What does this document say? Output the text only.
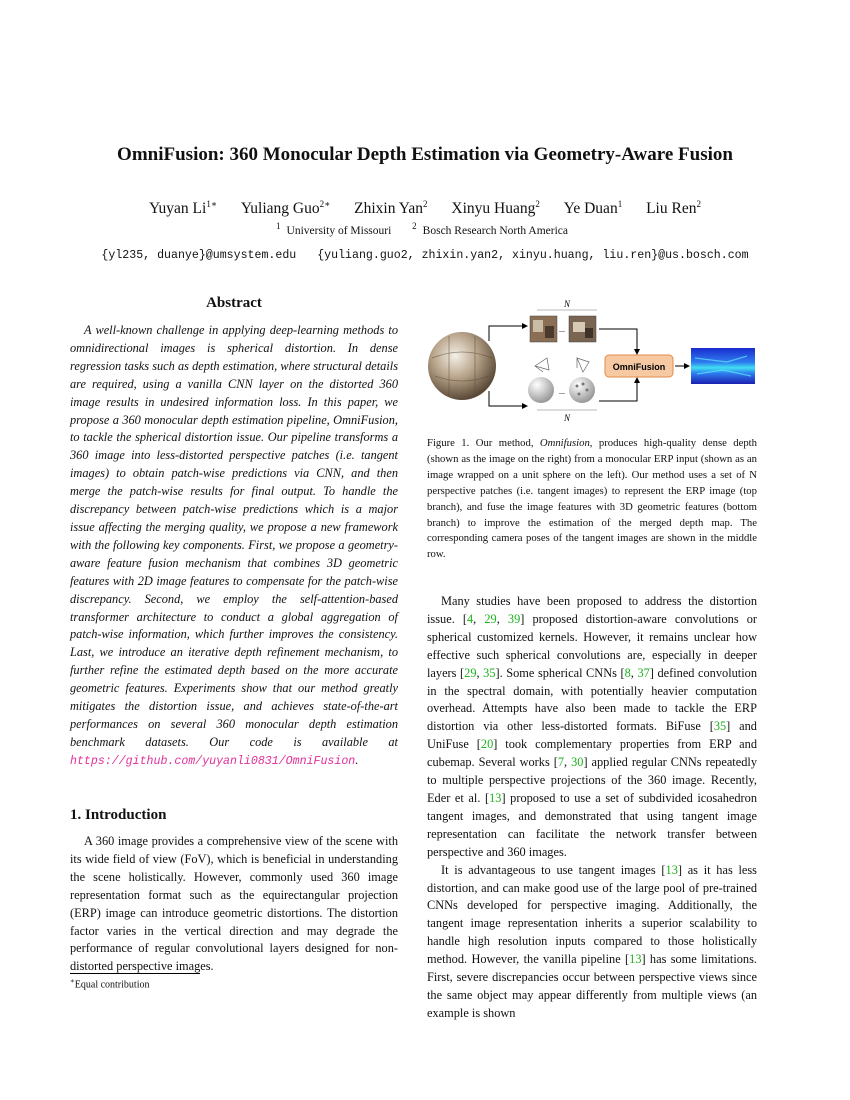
OmniFusion: 360 Monocular Depth Estimation via Geometry-Aware Fusion
Yuyan $Li^{1∗}$ Yuliang Guo$^{2∗}$ Zhixin Yan$^2$ Xinyu Huang$^2$ Ye Duan$^1$ Liu Ren$^2$
$^1$ University of Missouri $^2$ Bosch Research North America
{yl235, duanye}@umsystem.edu {yuliang.guo2, zhixin.yan2, xinyu.huang, liu.ren}@us.bosch.com
Abstract

A well-known challenge in applying deep-learning methods to omnidirectional images is spherical distortion. In dense regression tasks such as depth estimation, where structural details are required, using a vanilla CNN layer on the distorted 360 image results in undesired information loss. In this paper, we propose a 360 monocular depth estimation pipeline, OmniFusion, to tackle the spherical distortion issue. Our pipeline transforms a 360 image into less-distorted perspective patches (i.e. tangent images) to obtain patch-wise predictions via CNN, and then merge the patch-wise results for final output. To handle the discrepancy between patch-wise predictions which is a major issue affecting the merging quality, we propose a new framework with the following key components. First, we propose a geometry-aware feature fusion mechanism that combines 3D geometric features with 2D image features to compensate for the patch-wise discrepancy. Second, we employ the self-attention-based transformer architecture to conduct a global aggregation of patch-wise information, which further improves the consistency. Last, we introduce an iterative depth refinement mechanism, to further refine the estimated depth based on the more accurate geometric features. Experiments show that our method greatly mitigates the distortion issue, and achieves state-of-the-art performances on several 360 monocular depth estimation benchmark datasets. Our code is available at https://github.com/yuyanli0831/OmniFusion.

1. Introduction

A 360 image provides a comprehensive view of the scene with its wide field of view (FoV), which is beneficial in understanding the scene holistically. However, commonly used 360 image representation format such as the equirectangular projection (ERP) image can introduce geometric distortions. The distortion factor varies in the vertical direction and may degrade the performance of regular convolutional layers designed for non-distorted perspective images.

∗Equal contribution
N
...
...
N
OmniFusion
Figure 1. Our method, Omnifusion, produces high-quality dense depth (shown as the image on the right) from a monocular ERP input (shown as an image wrapped on a unit sphere on the left). Our method uses a set of N perspective patches (i.e. tangent images) to represent the ERP image (top branch), and fuse the image features with 3D geometric features (bottom branch) to improve the estimation of the merged depth map. The corresponding camera poses of the tangent images are shown in the middle row.

Many studies have been proposed to address the distortion issue. [4, 29, 39] proposed distortion-aware convolutions or spherical customized kernels. However, it remains unclear how effective such spherical convolutions are, especially in deeper layers [29, 35]. Some spherical CNNs [8, 37] defined convolution in the spectral domain, with potentially heavier computation overhead. Attempts have also been made to tackle the ERP distortion via other less-distorted formats. BiFuse [35] and UniFuse [20] took complementary properties from ERP and cubemap. Several works [7, 30] applied regular CNNs repeatedly to multiple perspective projections of the 360 image. Recently, Eder et al. [13] proposed to use a set of subdivided icosahedron tangent images, and demonstrated that using tangent image representation can facilitate the network transfer between perspective and 360 images.

It is advantageous to use tangent images [13] as it has less distortion, and can make good use of the large pool of pre-trained CNNs developed for perspective imaging. Additionally, the tangent image representation inherits a superior scalability to handle high resolution inputs compared to those holistically method. However, the vanilla pipeline [13] has some limitations. First, severe discrepancies occur between perspective views since the same object may appear differently from multiple views (an example is shown
